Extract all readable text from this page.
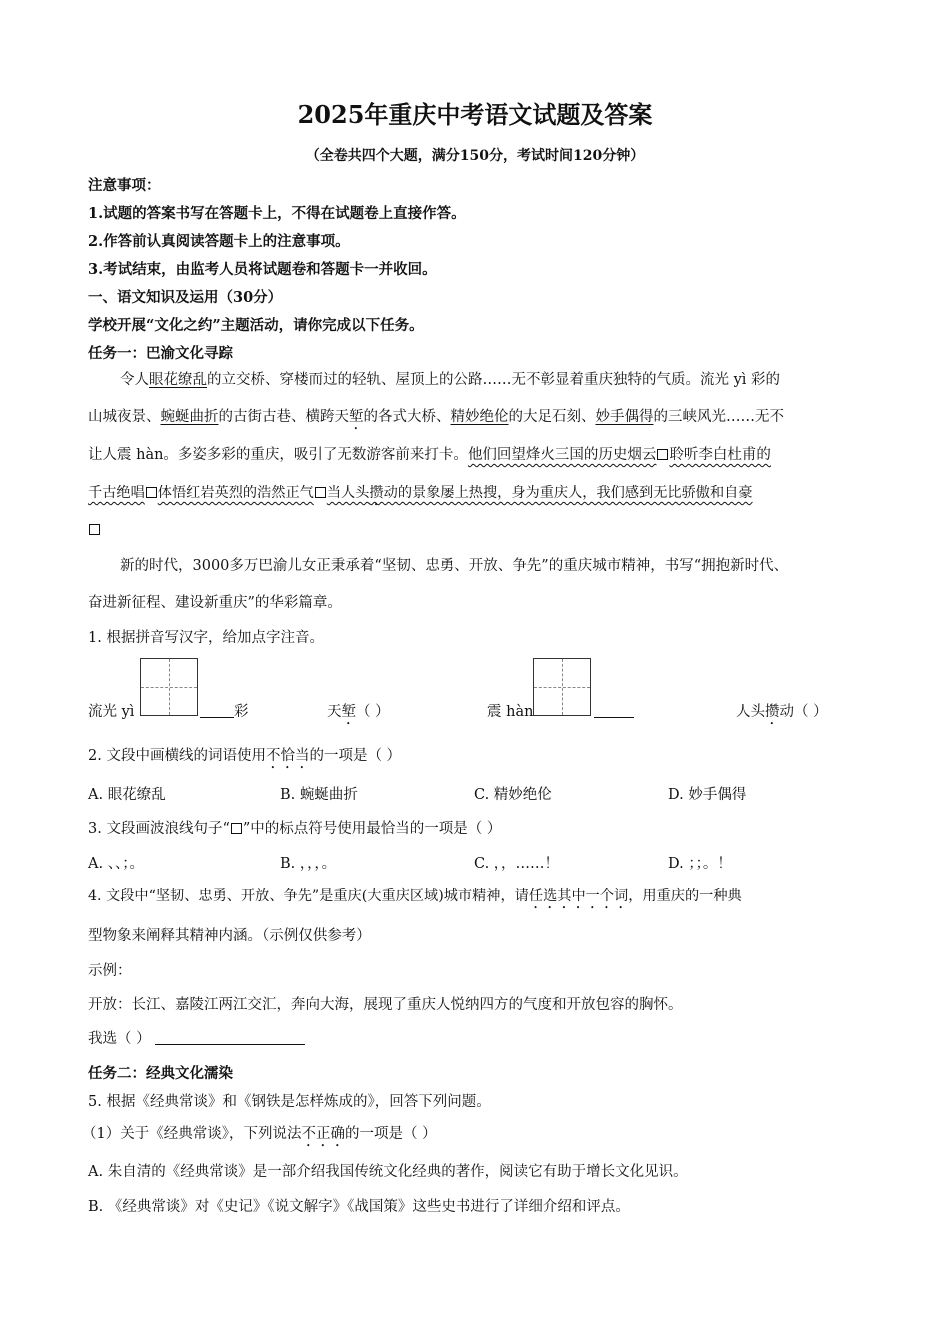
2025年重庆中考语文试题及答案
（全卷共四个大题，满分150分，考试时间120分钟）
注意事项：
1.试题的答案书写在答题卡上，不得在试题卷上直接作答。
2.作答前认真阅读答题卡上的注意事项。
3.考试结束，由监考人员将试题卷和答题卡一并收回。
一、语文知识及运用（30分）
学校开展“文化之约”主题活动，请你完成以下任务。
任务一：巴渝文化寻踪
令人眼花缭乱的立交桥、穿楼而过的轻轨、屋顶上的公路……无不彰显着重庆独特的气质。流光 yì 彩的
山城夜景、蜿蜒曲折的古街古巷、横跨天堑的各式大桥、精妙绝伦的大足石刻、妙手偶得的三峡风光……无不
让人震 hàn。多姿多彩的重庆，吸引了无数游客前来打卡。他们回望烽火三国的历史烟云 聆听李白杜甫的
千古绝唱 体悟红岩英烈的浩然正气 当人头攒动的景象屡上热搜，身为重庆人，我们感到无比骄傲和自豪
新的时代，3000多万巴渝儿女正秉承着“坚韧、忠勇、开放、争先”的重庆城市精神，书写“拥抱新时代、
奋进新征程、建设新重庆”的华彩篇章。
1. 根据拼音写汉字，给加点字注音。
流光 yì	彩	天堑（ ）	震 hàn	人头攒动（ ）
2. 文段中画横线的词语使用不恰当的一项是（ ）
A. 眼花缭乱	B. 蜿蜒曲折	C. 精妙绝伦	D. 妙手偶得
3. 文段画波浪线句子“ ”中的标点符号使用最恰当的一项是（ ）
A. 、、；。	B. ，，，。	C. ，，……！	D. ；；。！
4. 文段中“坚韧、忠勇、开放、争先”是重庆(大重庆区域)城市精神，请任选其中一个词，用重庆的一种典
型物象来阐释其精神内涵。（示例仅供参考）
示例：
开放：长江、嘉陵江两江交汇，奔向大海，展现了重庆人悦纳四方的气度和开放包容的胸怀。
我选（ ）
任务二：经典文化濡染
5. 根据《经典常谈》和《钢铁是怎样炼成的》，回答下列问题。
（1）关于《经典常谈》，下列说法不正确的一项是（ ）
A. 朱自清的《经典常谈》是一部介绍我国传统文化经典的著作，阅读它有助于增长文化见识。
B. 《经典常谈》对《史记》《说文解字》《战国策》这些史书进行了详细介绍和评点。
